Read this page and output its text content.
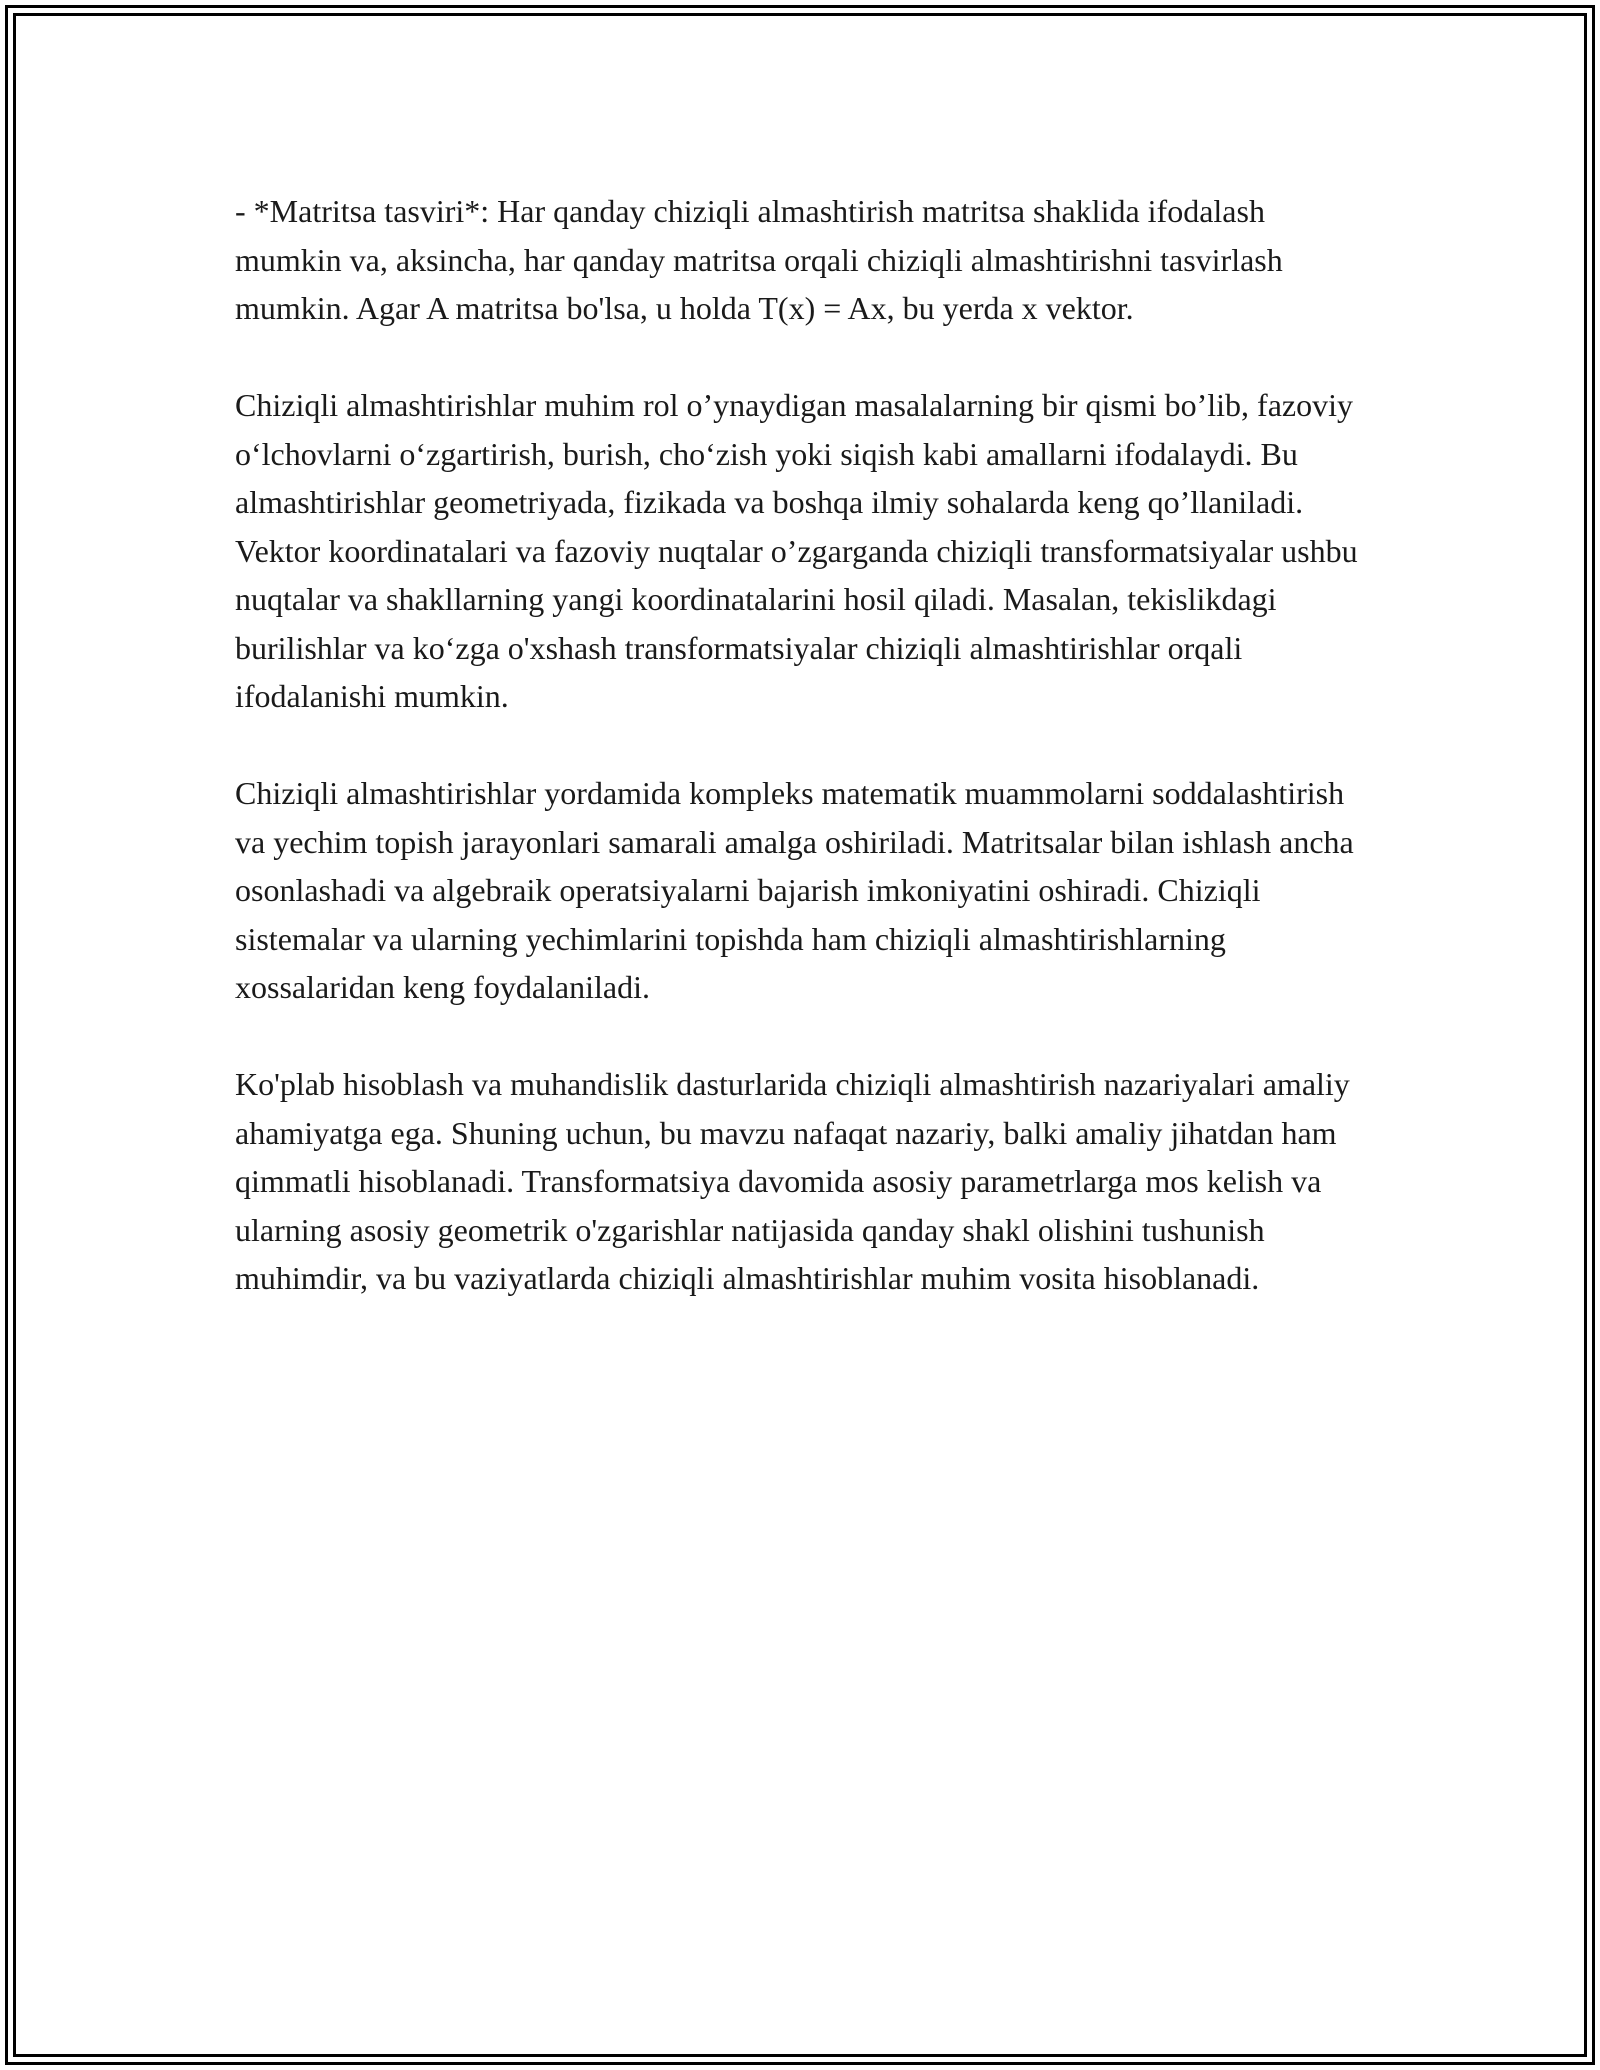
- *Matritsa tasviri*: Har qanday chiziqli almashtirish matritsa shaklida ifodalash mumkin va, aksincha, har qanday matritsa orqali chiziqli almashtirishni tasvirlash mumkin. Agar A matritsa bo'lsa, u holda T(x) = Ax, bu yerda x vektor.

Chiziqli almashtirishlar muhim rol o’ynaydigan masalalarning bir qismi bo’lib, fazoviy o‘lchovlarni o‘zgartirish, burish, cho‘zish yoki siqish kabi amallarni ifodalaydi. Bu almashtirishlar geometriyada, fizikada va boshqa ilmiy sohalarda keng qo’llaniladi. Vektor koordinatalari va fazoviy nuqtalar o’zgarganda chiziqli transformatsiyalar ushbu nuqtalar va shakllarning yangi koordinatalarini hosil qiladi. Masalan, tekislikdagi burilishlar va ko‘zga o'xshash transformatsiyalar chiziqli almashtirishlar orqali ifodalanishi mumkin.

Chiziqli almashtirishlar yordamida kompleks matematik muammolarni soddalashtirish va yechim topish jarayonlari samarali amalga oshiriladi. Matritsalar bilan ishlash ancha osonlashadi va algebraik operatsiyalarni bajarish imkoniyatini oshiradi. Chiziqli sistemalar va ularning yechimlarini topishda ham chiziqli almashtirishlarning xossalaridan keng foydalaniladi.

Ko'plab hisoblash va muhandislik dasturlarida chiziqli almashtirish nazariyalari amaliy ahamiyatga ega. Shuning uchun, bu mavzu nafaqat nazariy, balki amaliy jihatdan ham qimmatli hisoblanadi. Transformatsiya davomida asosiy parametrlarga mos kelish va ularning asosiy geometrik o'zgarishlar natijasida qanday shakl olishini tushunish muhimdir, va bu vaziyatlarda chiziqli almashtirishlar muhim vosita hisoblanadi.
